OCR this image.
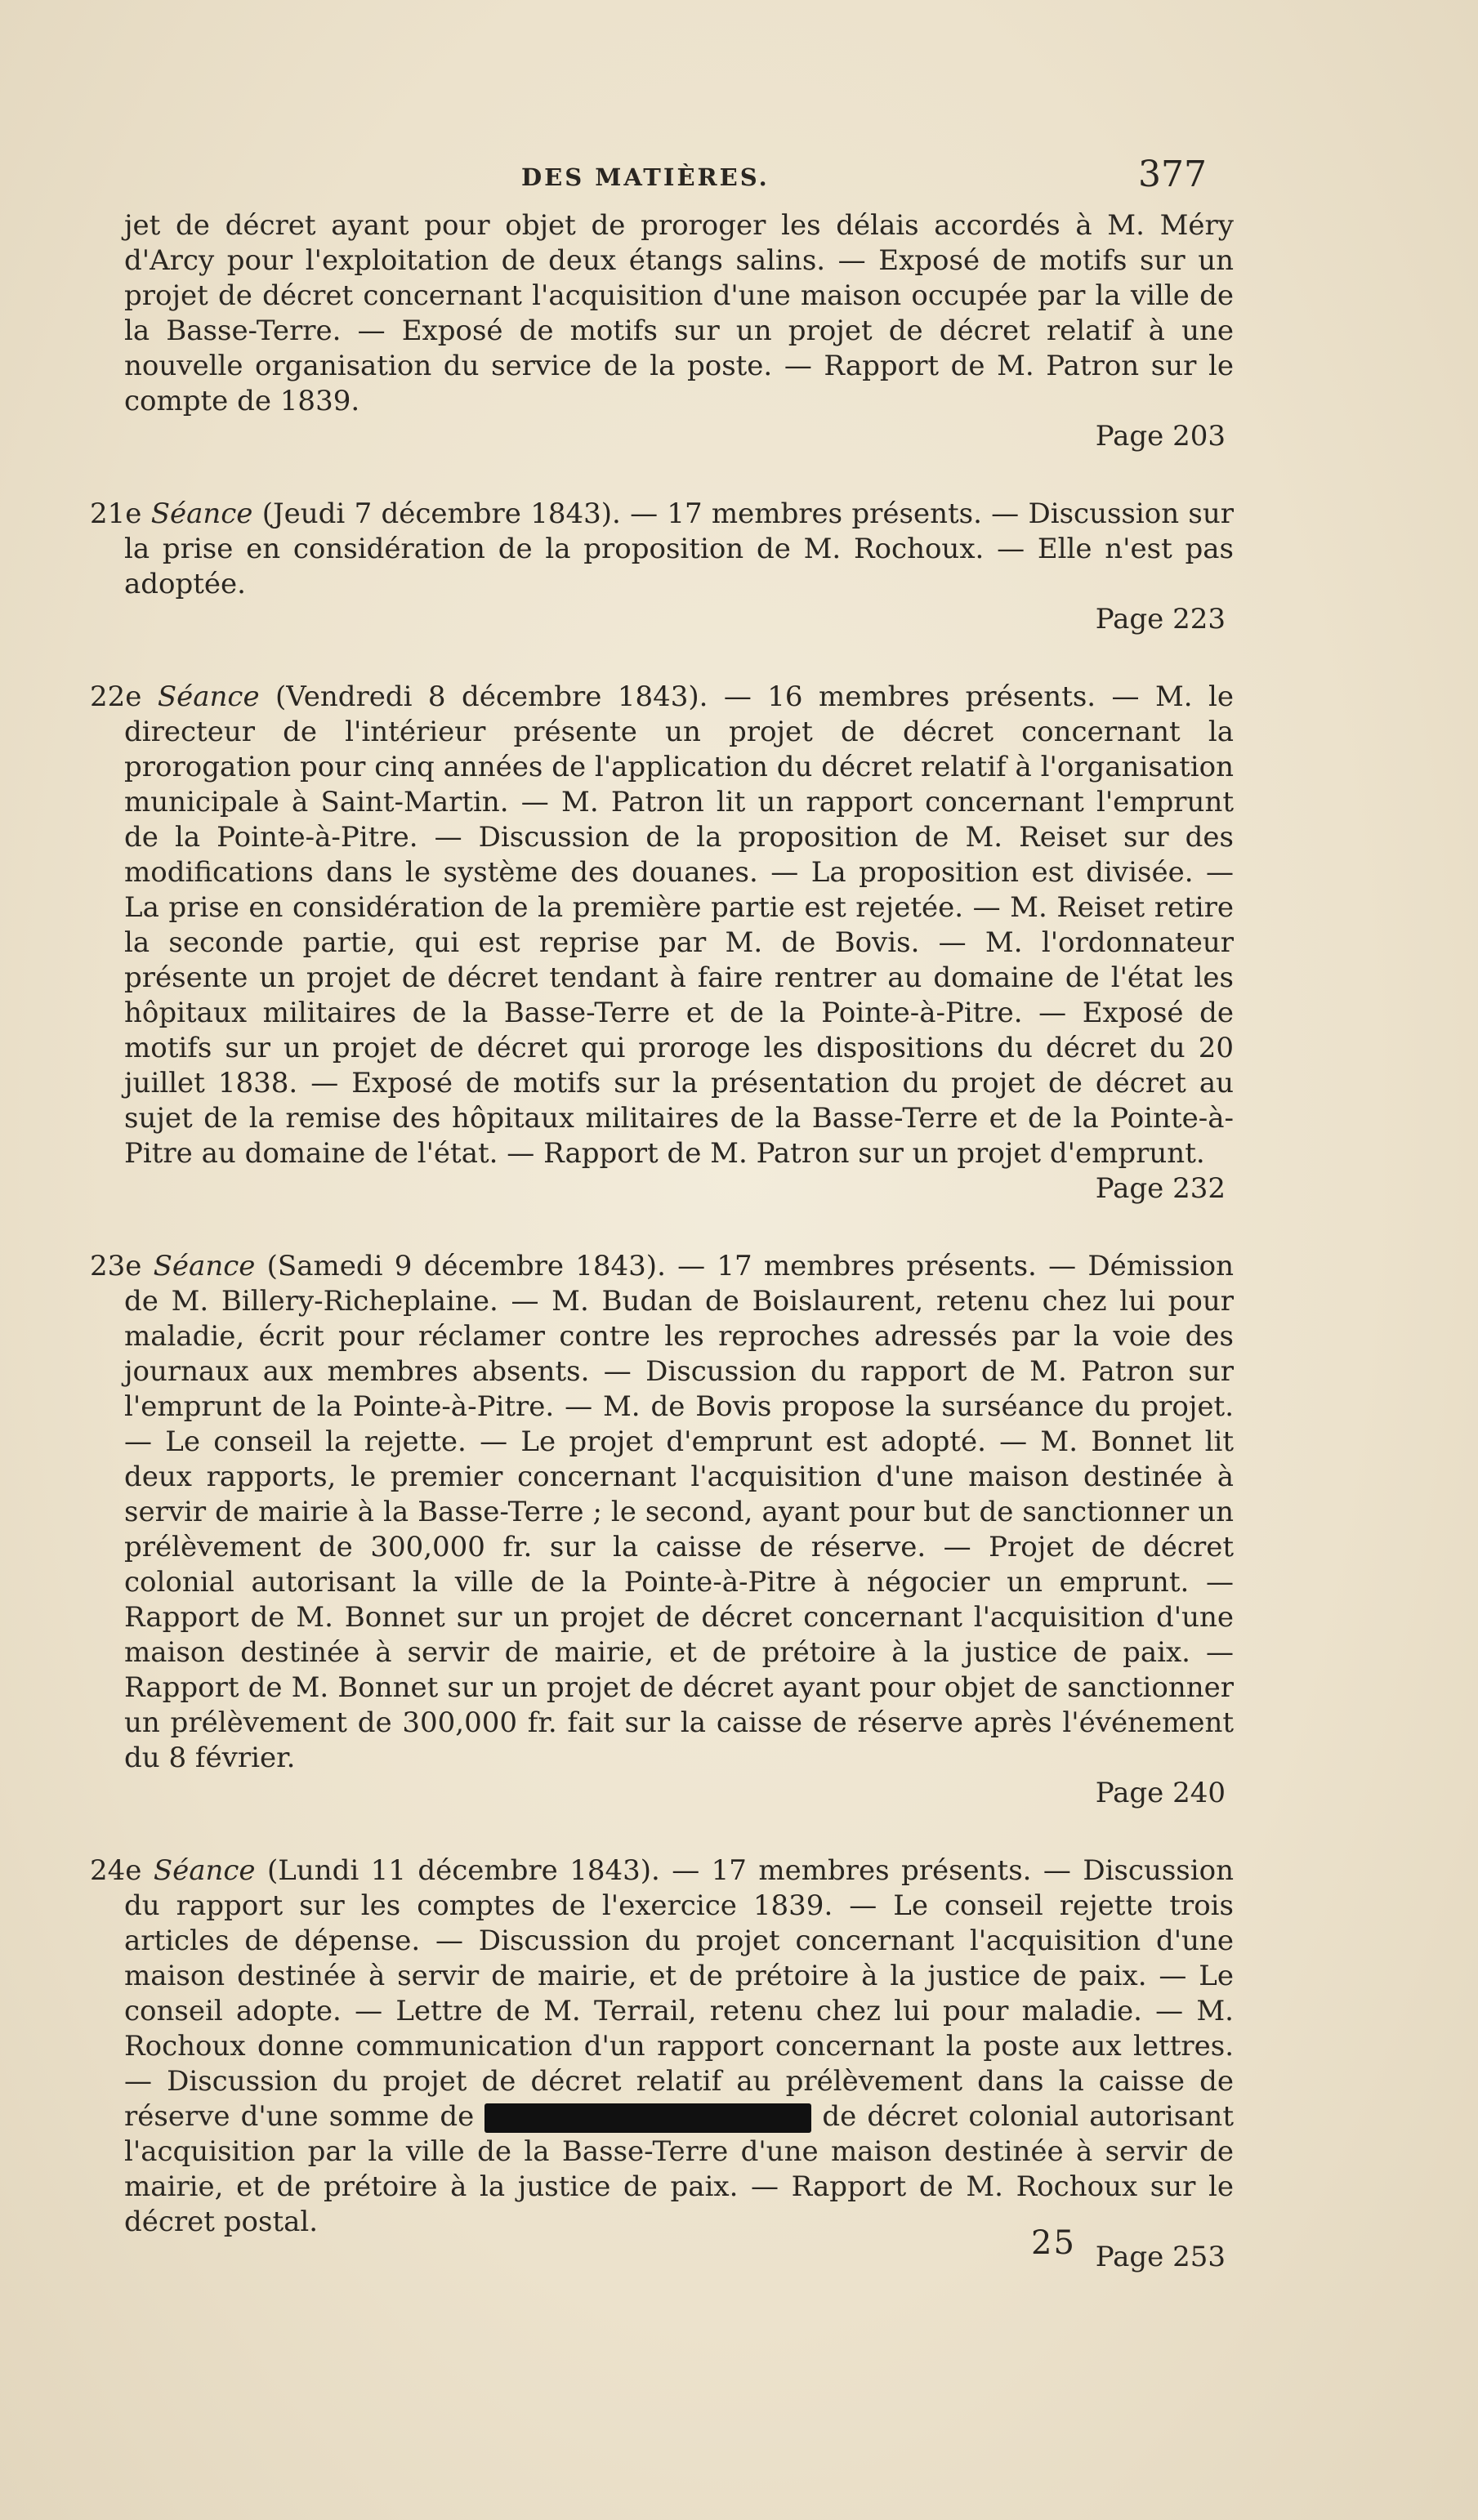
DES MATIÈRES.	377

jet de décret ayant pour objet de proroger les délais accordés à M. Méry d'Arcy pour l'exploitation de deux étangs salins. — Exposé de motifs sur un projet de décret concernant l'acquisition d'une maison occupée par la ville de la Basse-Terre. — Exposé de motifs sur un projet de décret relatif à une nouvelle organisation du service de la poste. — Rapport de M. Patron sur le compte de 1839.

Page 203

21e Séance (Jeudi 7 décembre 1843). — 17 membres présents. — Discussion sur la prise en considération de la proposition de M. Rochoux. — Elle n'est pas adoptée.

Page 223

22e Séance (Vendredi 8 décembre 1843). — 16 membres présents. — M. le directeur de l'intérieur présente un projet de décret concernant la prorogation pour cinq années de l'application du décret relatif à l'organisation municipale à Saint-Martin. — M. Patron lit un rapport concernant l'emprunt de la Pointe-à-Pitre. — Discussion de la proposition de M. Reiset sur des modifications dans le système des douanes. — La proposition est divisée. — La prise en considération de la première partie est rejetée. — M. Reiset retire la seconde partie, qui est reprise par M. de Bovis. — M. l'ordonnateur présente un projet de décret tendant à faire rentrer au domaine de l'état les hôpitaux militaires de la Basse-Terre et de la Pointe-à-Pitre. — Exposé de motifs sur un projet de décret qui proroge les dispositions du décret du 20 juillet 1838. — Exposé de motifs sur la présentation du projet de décret au sujet de la remise des hôpitaux militaires de la Basse-Terre et de la Pointe-à-Pitre au domaine de l'état. — Rapport de M. Patron sur un projet d'emprunt.

Page 232

23e Séance (Samedi 9 décembre 1843). — 17 membres présents. — Démission de M. Billery-Richeplaine. — M. Budan de Boislaurent, retenu chez lui pour maladie, écrit pour réclamer contre les reproches adressés par la voie des journaux aux membres absents. — Discussion du rapport de M. Patron sur l'emprunt de la Pointe-à-Pitre. — M. de Bovis propose la surséance du projet. — Le conseil la rejette. — Le projet d'emprunt est adopté. — M. Bonnet lit deux rapports, le premier concernant l'acquisition d'une maison destinée à servir de mairie à la Basse-Terre ; le second, ayant pour but de sanctionner un prélèvement de 300,000 fr. sur la caisse de réserve. — Projet de décret colonial autorisant la ville de la Pointe-à-Pitre à négocier un emprunt. — Rapport de M. Bonnet sur un projet de décret concernant l'acquisition d'une maison destinée à servir de mairie, et de prétoire à la justice de paix. — Rapport de M. Bonnet sur un projet de décret ayant pour objet de sanctionner un prélèvement de 300,000 fr. fait sur la caisse de réserve après l'événement du 8 février.

Page 240

24e Séance (Lundi 11 décembre 1843). — 17 membres présents. — Discussion du rapport sur les comptes de l'exercice 1839. — Le conseil rejette trois articles de dépense. — Discussion du projet concernant l'acquisition d'une maison destinée à servir de mairie, et de prétoire à la justice de paix. — Le conseil adopte. — Lettre de M. Terrail, retenu chez lui pour maladie. — M. Rochoux donne communication d'un rapport concernant la poste aux lettres. — Discussion du projet de décret relatif au prélèvement dans la caisse de réserve d'une somme de	de décret colonial autorisant l'acquisition par la ville de la Basse-Terre d'une maison destinée à servir de mairie, et de prétoire à la justice de paix. — Rapport de M. Rochoux sur le décret postal.

Page 253
25
